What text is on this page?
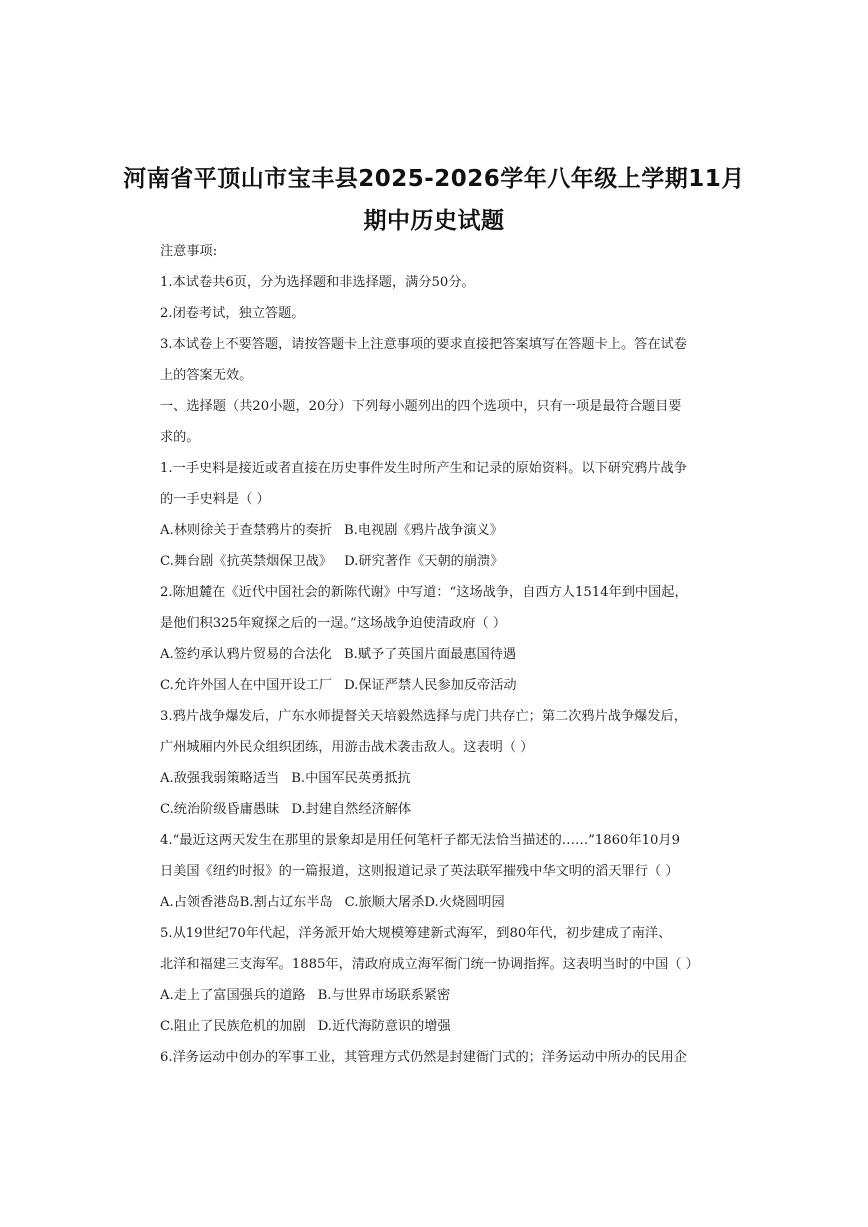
河南省平顶山市宝丰县2025-2026学年八年级上学期11月
期中历史试题
注意事项:
1.本试卷共6页，分为选择题和非选择题，满分50分。
2.闭卷考试，独立答题。
3.本试卷上不要答题，请按答题卡上注意事项的要求直接把答案填写在答题卡上。答在试卷
上的答案无效。
一、选择题（共20小题，20分）下列每小题列出的四个选项中，只有一项是最符合题目要
求的。
1.一手史料是接近或者直接在历史事件发生时所产生和记录的原始资料。以下研究鸦片战争
的一手史料是（ ）
A.林则徐关于查禁鸦片的奏折 B.电视剧《鸦片战争演义》
C.舞台剧《抗英禁烟保卫战》 D.研究著作《天朝的崩溃》
2.陈旭麓在《近代中国社会的新陈代谢》中写道：“这场战争，自西方人1514年到中国起，
是他们积325年窥探之后的一逞。”这场战争迫使清政府（ ）
A.签约承认鸦片贸易的合法化 B.赋予了英国片面最惠国待遇
C.允许外国人在中国开设工厂 D.保证严禁人民参加反帝活动
3.鸦片战争爆发后，广东水师提督关天培毅然选择与虎门共存亡；第二次鸦片战争爆发后，
广州城厢内外民众组织团练，用游击战术袭击敌人。这表明（ ）
A.敌强我弱策略适当 B.中国军民英勇抵抗
C.统治阶级昏庸愚昧 D.封建自然经济解体
4.“最近这两天发生在那里的景象却是用任何笔杆子都无法恰当描述的……”1860年10月9
日美国《纽约时报》的一篇报道，这则报道记录了英法联军摧残中华文明的滔天罪行（ ）
A.占领香港岛B.割占辽东半岛 C.旅顺大屠杀D.火烧圆明园
5.从19世纪70年代起，洋务派开始大规模筹建新式海军，到80年代，初步建成了南洋、
北洋和福建三支海军。1885年，清政府成立海军衙门统一协调指挥。这表明当时的中国（ ）
A.走上了富国强兵的道路 B.与世界市场联系紧密
C.阻止了民族危机的加剧 D.近代海防意识的增强
6.洋务运动中创办的军事工业，其管理方式仍然是封建衙门式的；洋务运动中所办的民用企
